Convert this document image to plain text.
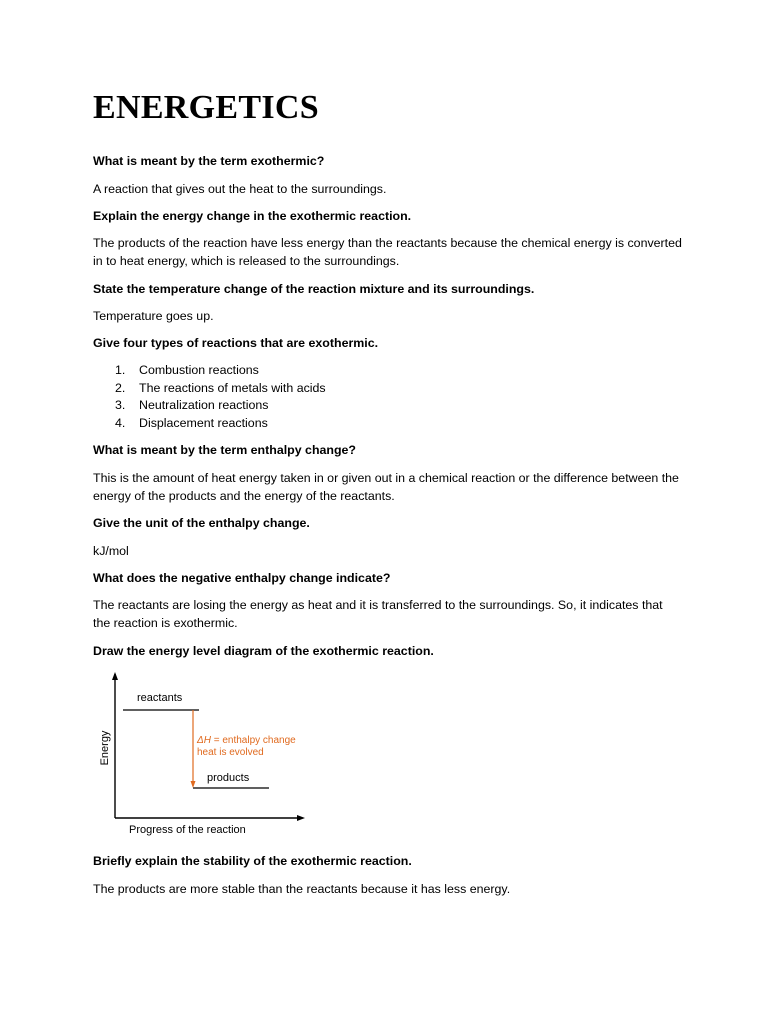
ENERGETICS

What is meant by the term exothermic?

A reaction that gives out the heat to the surroundings.

Explain the energy change in the exothermic reaction.

The products of the reaction have less energy than the reactants because the chemical energy is converted in to heat energy, which is released to the surroundings.

State the temperature change of the reaction mixture and its surroundings.

Temperature goes up.

Give four types of reactions that are exothermic.

1. Combustion reactions
2. The reactions of metals with acids
3. Neutralization reactions
4. Displacement reactions

What is meant by the term enthalpy change?

This is the amount of heat energy taken in or given out in a chemical reaction or the difference between the energy of the products and the energy of the reactants.

Give the unit of the enthalpy change.

kJ/mol

What does the negative enthalpy change indicate?

The reactants are losing the energy as heat and it is transferred to the surroundings. So, it indicates that the reaction is exothermic.

Draw the energy level diagram of the exothermic reaction.

Energy
Progress of the reaction
reactants
products
ΔH = enthalpy change
heat is evolved

Briefly explain the stability of the exothermic reaction.

The products are more stable than the reactants because it has less energy.
